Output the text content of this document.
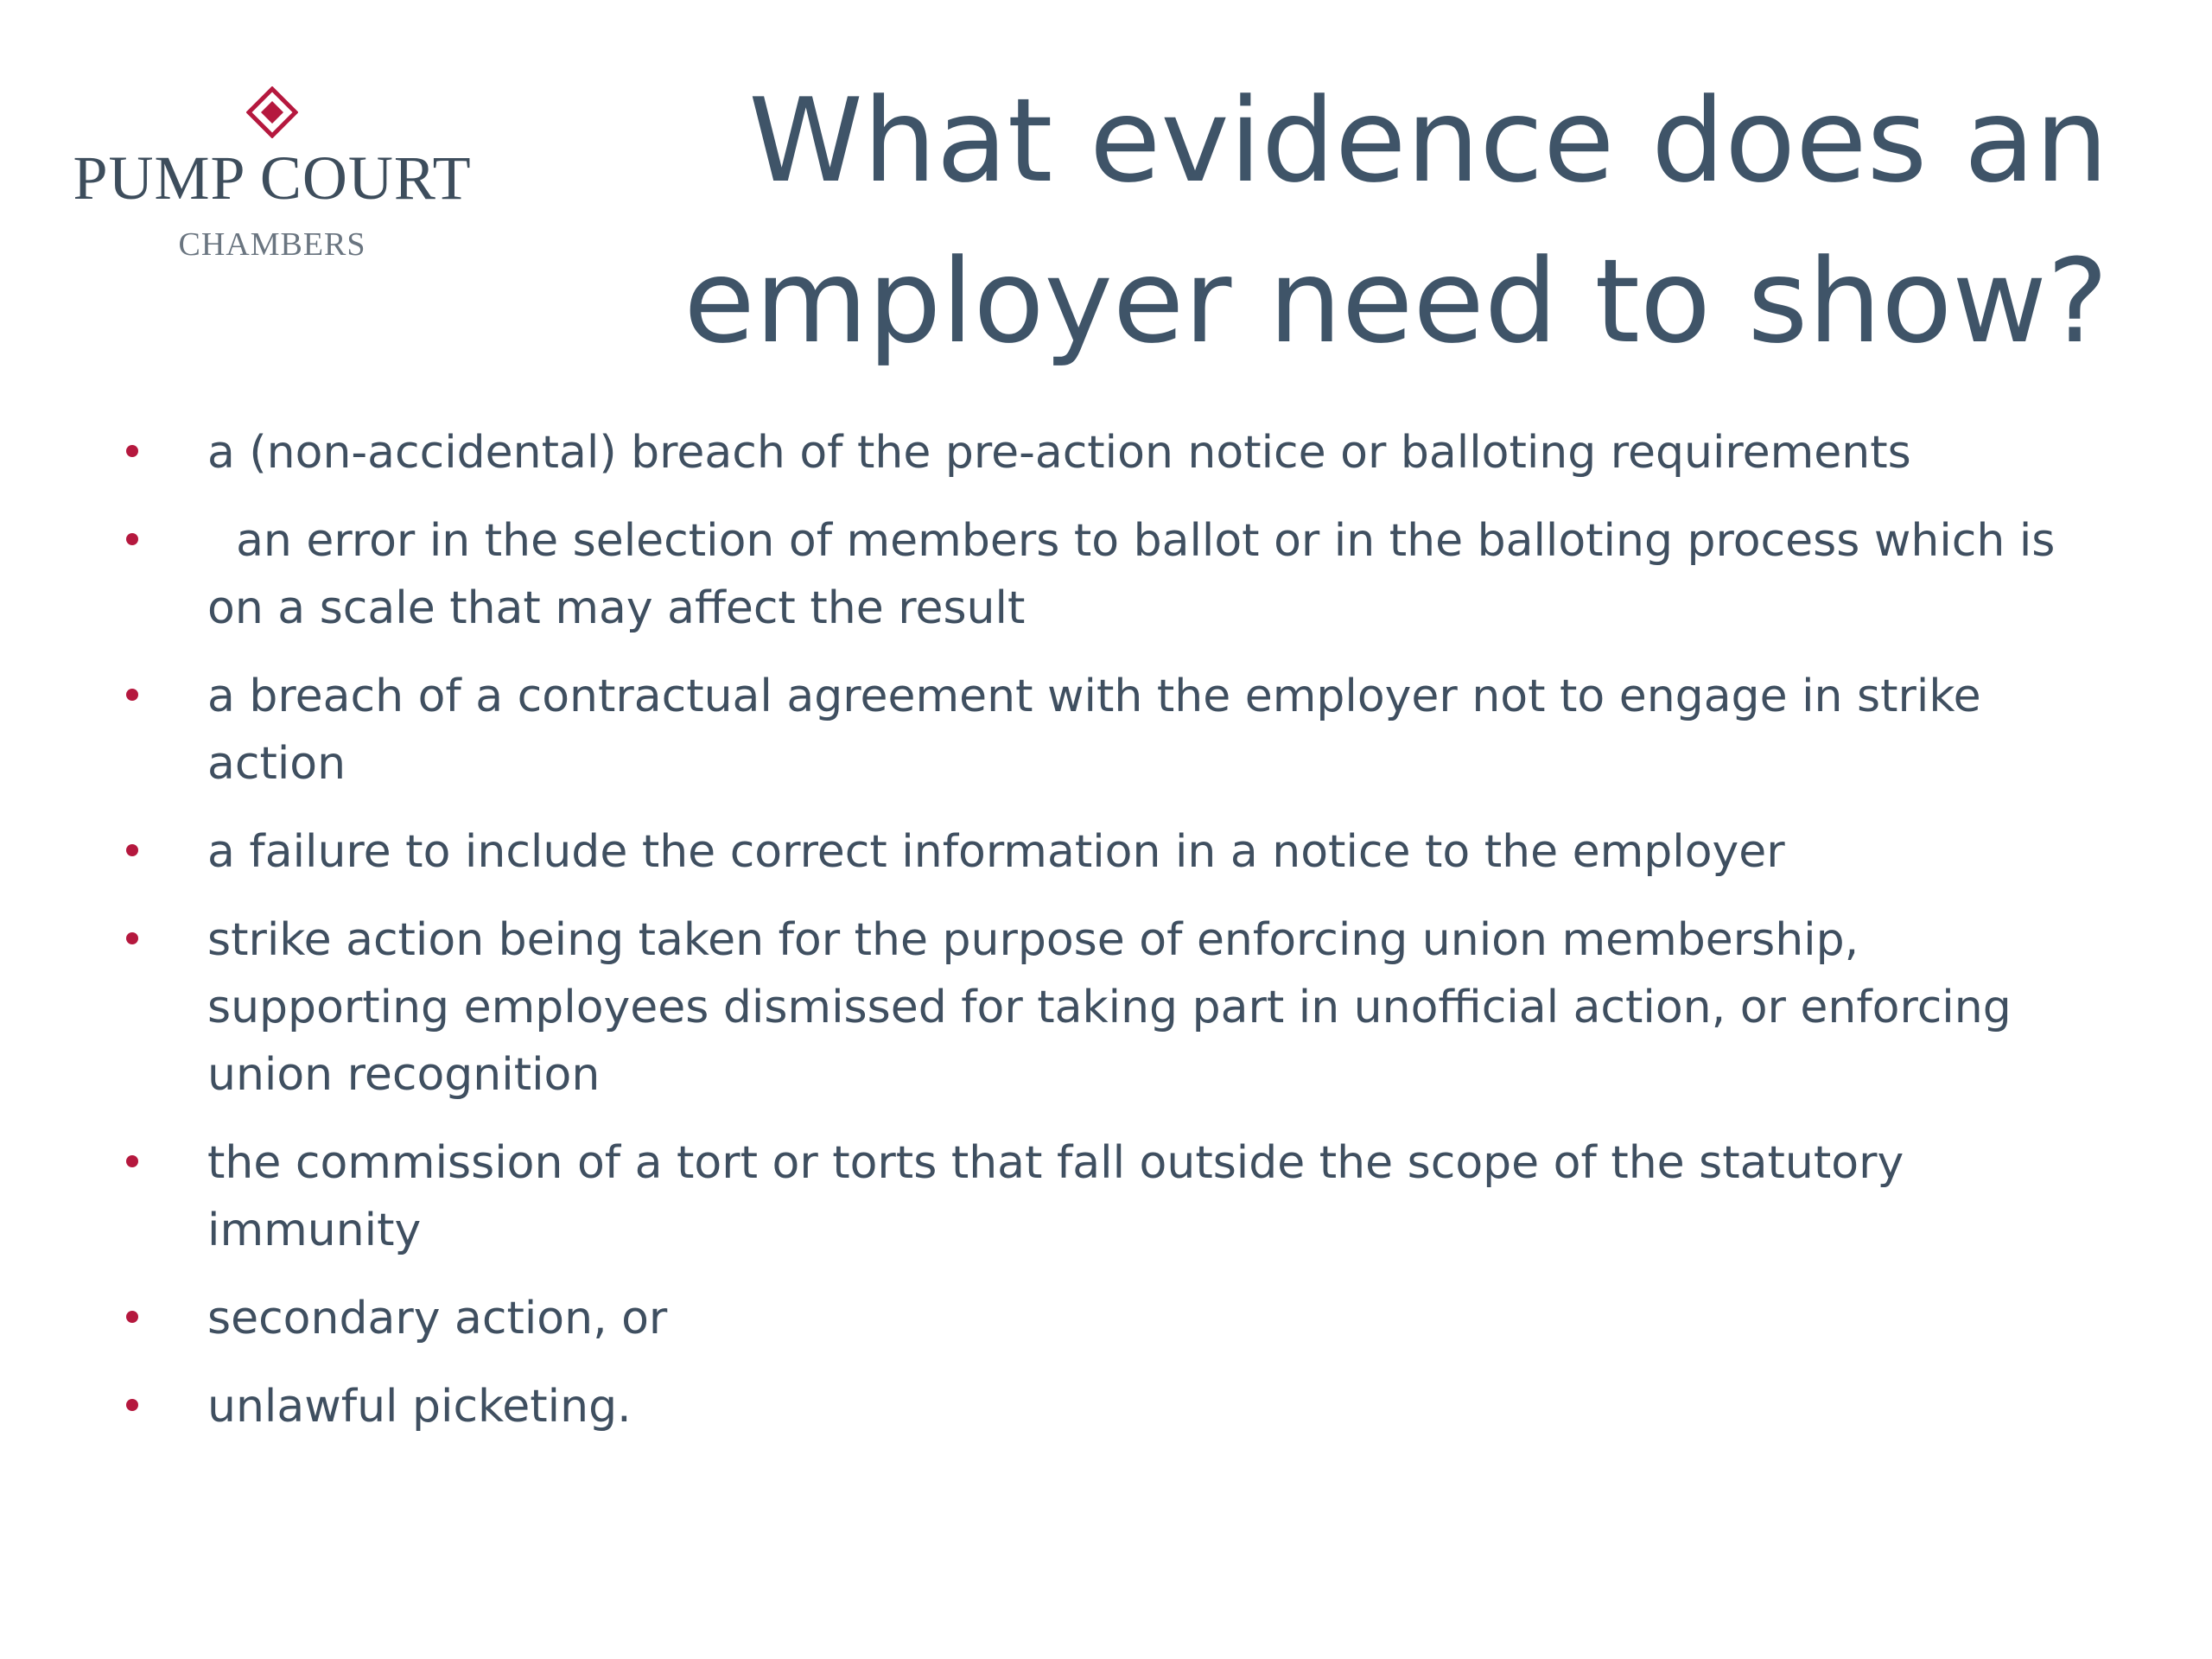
PUMP COURT
CHAMBERS
What evidence does an employer need to show?
a (non-accidental) breach of the pre-action notice or balloting requirements
an error in the selection of members to ballot or in the balloting process which is on a scale that may affect the result
a breach of a contractual agreement with the employer not to engage in strike action
a failure to include the correct information in a notice to the employer
strike action being taken for the purpose of enforcing union membership, supporting employees dismissed for taking part in unofficial action, or enforcing union recognition
the commission of a tort or torts that fall outside the scope of the statutory immunity
secondary action, or
unlawful picketing.
